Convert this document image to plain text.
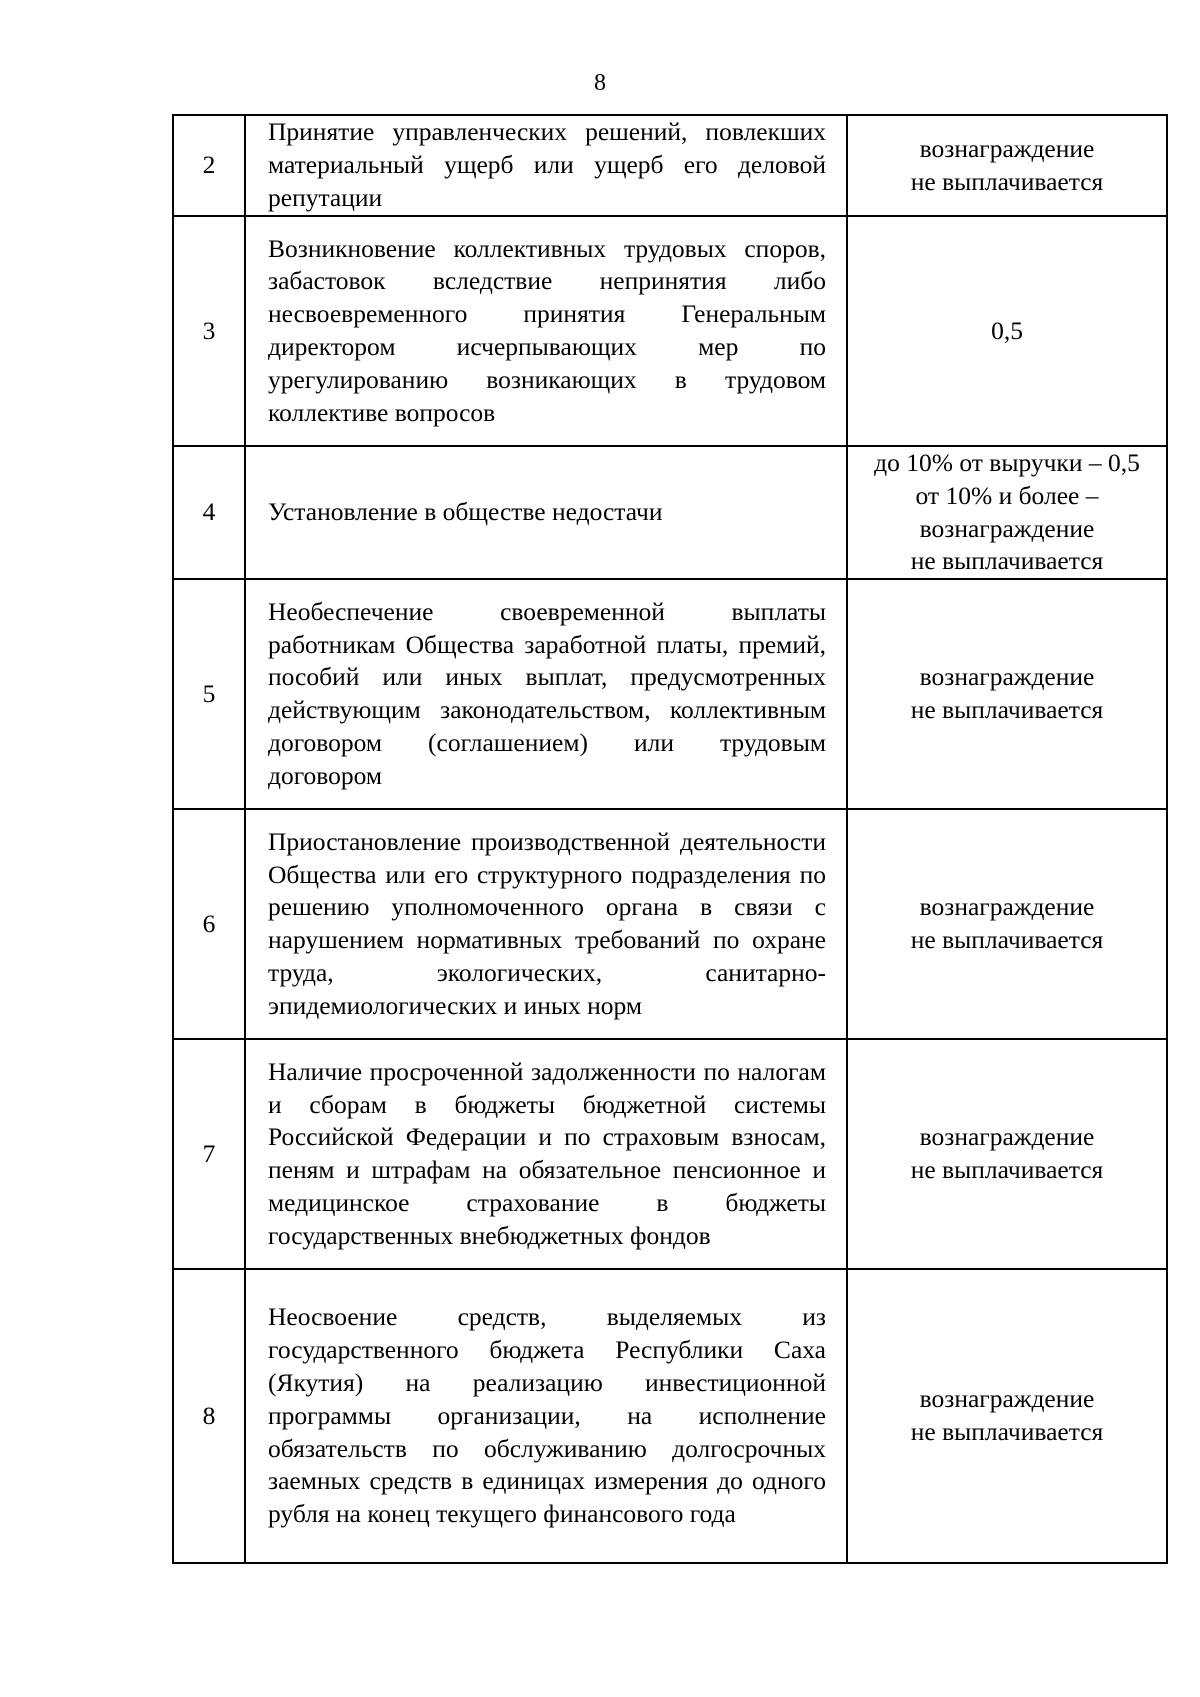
8
2	Принятие управленческих решений, повлекших материальный ущерб или ущерб его деловой репутации	вознаграждение
не выплачивается

3	Возникновение коллективных трудовых споров, забастовок вследствие непринятия либо несвоевременного принятия Генеральным директором исчерпывающих мер по урегулированию возникающих в трудовом коллективе вопросов	0,5

4	Установление в обществе недостачи	до 10% от выручки – 0,5
от 10% и более –
вознаграждение
не выплачивается

5	Необеспечение своевременной выплаты работникам Общества заработной платы, премий, пособий или иных выплат, предусмотренных действующим законодательством, коллективным договором (соглашением) или трудовым договором	вознаграждение
не выплачивается

6	Приостановление производственной деятельности Общества или его структурного подразделения по решению уполномоченного органа в связи с нарушением нормативных требований по охране труда, экологических, санитарно-эпидемиологических и иных норм	вознаграждение
не выплачивается

7	Наличие просроченной задолженности по налогам и сборам в бюджеты бюджетной системы Российской Федерации и по страховым взносам, пеням и штрафам на обязательное пенсионное и медицинское страхование в бюджеты государственных внебюджетных фондов	вознаграждение
не выплачивается

8	Неосвоение средств, выделяемых из государственного бюджета Республики Саха (Якутия) на реализацию инвестиционной программы организации, на исполнение обязательств по обслуживанию долгосрочных заемных средств в единицах измерения до одного рубля на конец текущего финансового года	вознаграждение
не выплачивается
